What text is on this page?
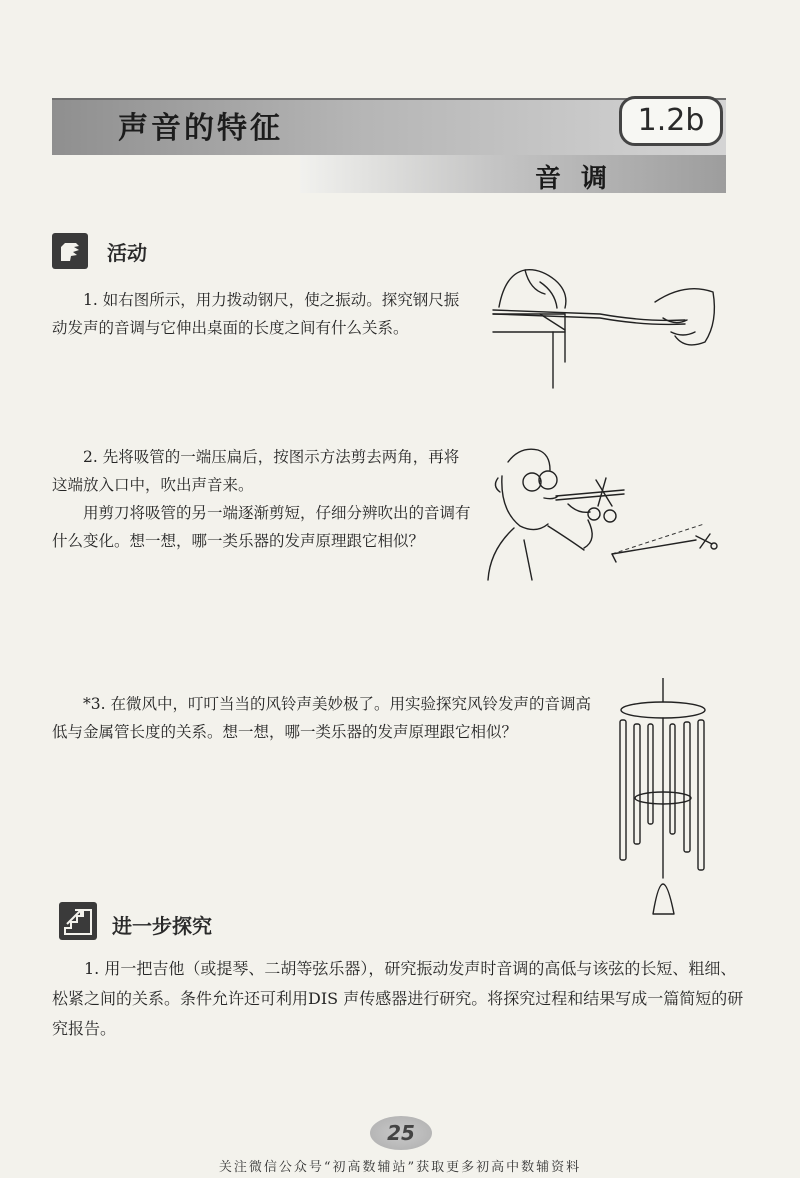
声音的特征	1.2b
音调
活动

1. 如右图所示，用力拨动钢尺，使之振动。探究钢尺振动发声的音调与它伸出桌面的长度之间有什么关系。

2. 先将吸管的一端压扁后，按图示方法剪去两角，再将这端放入口中，吹出声音来。

用剪刀将吸管的另一端逐渐剪短，仔细分辨吹出的音调有什么变化。想一想，哪一类乐器的发声原理跟它相似？

*3. 在微风中，叮叮当当的风铃声美妙极了。用实验探究风铃发声的音调高低与金属管长度的关系。想一想，哪一类乐器的发声原理跟它相似？

进一步探究

1. 用一把吉他（或提琴、二胡等弦乐器），研究振动发声时音调的高低与该弦的长短、粗细、松紧之间的关系。条件允许还可利用DIS 声传感器进行研究。将探究过程和结果写成一篇简短的研究报告。

25
关注微信公众号“初高数辅站”获取更多初高中数辅资料
